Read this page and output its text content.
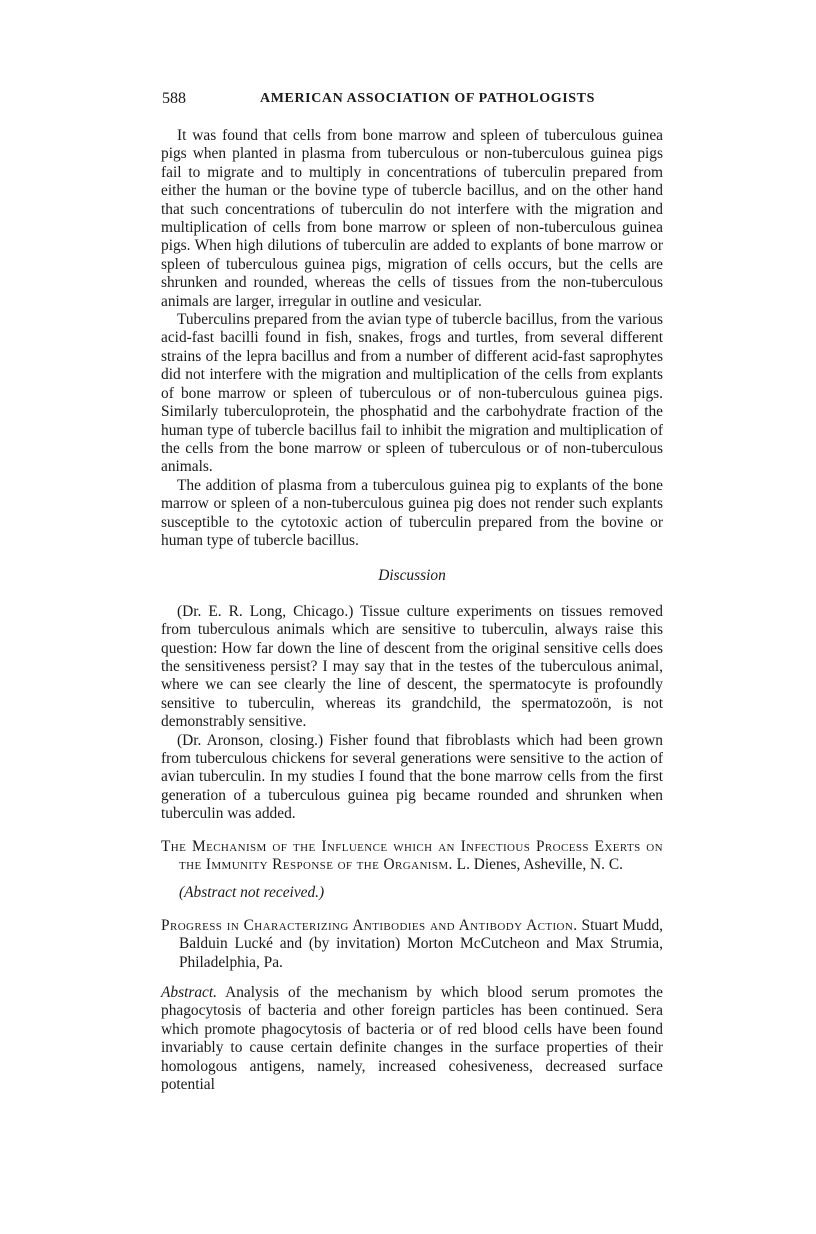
588	AMERICAN ASSOCIATION OF PATHOLOGISTS

It was found that cells from bone marrow and spleen of tuberculous guinea pigs when planted in plasma from tuberculous or non-tuberculous guinea pigs fail to migrate and to multiply in concentrations of tuberculin prepared from either the human or the bovine type of tubercle bacillus, and on the other hand that such concentrations of tuberculin do not interfere with the migration and multiplication of cells from bone marrow or spleen of non-tuberculous guinea pigs. When high dilutions of tuberculin are added to explants of bone marrow or spleen of tuberculous guinea pigs, migration of cells occurs, but the cells are shrunken and rounded, whereas the cells of tissues from the non-tuberculous animals are larger, irregular in outline and vesicular.

Tuberculins prepared from the avian type of tubercle bacillus, from the various acid-fast bacilli found in fish, snakes, frogs and turtles, from several different strains of the lepra bacillus and from a number of different acid-fast saprophytes did not interfere with the migration and multiplication of the cells from explants of bone marrow or spleen of tuberculous or of non-tuberculous guinea pigs. Similarly tuberculoprotein, the phosphatid and the carbohydrate fraction of the human type of tubercle bacillus fail to inhibit the migration and multiplication of the cells from the bone marrow or spleen of tuberculous or of non-tuberculous animals.

The addition of plasma from a tuberculous guinea pig to explants of the bone marrow or spleen of a non-tuberculous guinea pig does not render such explants susceptible to the cytotoxic action of tuberculin prepared from the bovine or human type of tubercle bacillus.

Discussion

(Dr. E. R. Long, Chicago.) Tissue culture experiments on tissues removed from tuberculous animals which are sensitive to tuberculin, always raise this question: How far down the line of descent from the original sensitive cells does the sensitiveness persist? I may say that in the testes of the tuberculous animal, where we can see clearly the line of descent, the spermatocyte is profoundly sensitive to tuberculin, whereas its grandchild, the spermatozoön, is not demonstrably sensitive.

(Dr. Aronson, closing.) Fisher found that fibroblasts which had been grown from tuberculous chickens for several generations were sensitive to the action of avian tuberculin. In my studies I found that the bone marrow cells from the first generation of a tuberculous guinea pig became rounded and shrunken when tuberculin was added.

The Mechanism of the Influence which an Infectious Process Exerts on the Immunity Response of the Organism. L. Dienes, Asheville, N. C.

(Abstract not received.)

Progress in Characterizing Antibodies and Antibody Action. Stuart Mudd, Balduin Lucké and (by invitation) Morton McCutcheon and Max Strumia, Philadelphia, Pa.

Abstract. Analysis of the mechanism by which blood serum promotes the phagocytosis of bacteria and other foreign particles has been continued. Sera which promote phagocytosis of bacteria or of red blood cells have been found invariably to cause certain definite changes in the surface properties of their homologous antigens, namely, increased cohesiveness, decreased surface potential
